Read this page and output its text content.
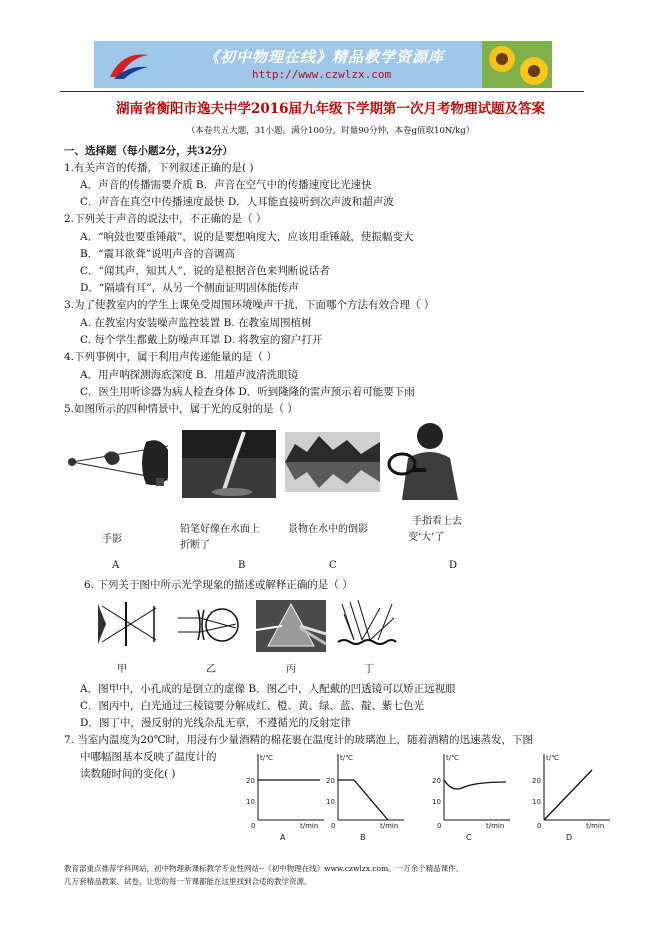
《初中物理在线》精品教学资源库
http://www.czwlzx.com
湖南省衡阳市逸夫中学2016届九年级下学期第一次月考物理试题及答案
（本卷共五大题，31小题，满分100分，时量90分钟，本卷g值取10N/kg）
一、选择题（每小题2分，共32分）
1.有关声音的传播，下列叙述正确的是( )
A．声音的传播需要介质 B．声音在空气中的传播速度比光速快
C．声音在真空中传播速度最快 D．人耳能直接听到次声波和超声波
2.下列关于声音的说法中，不正确的是（ ）
A．“响鼓也要重锤敲”，说的是要想响度大，应该用重锤敲，使振幅变大
B．“震耳欲聋”说明声音的音调高
C．“闻其声，知其人”，说的是根据音色来判断说话者
D．“隔墙有耳”，从另一个侧面证明固体能传声
3.为了使教室内的学生上课免受周围环境噪声干扰，下面哪个方法有效合理（ ）
A. 在教室内安装噪声监控装置 B. 在教室周围植树
C. 每个学生都戴上防噪声耳罩 D. 将教室的窗户打开
4.下列事例中，属于利用声传递能量的是（ ）
A．用声呐探测海底深度 B．用超声波清洗眼镜
C．医生用听诊器为病人检查身体 D．听到隆隆的雷声预示着可能要下雨
5.如图所示的四种情景中，属于光的反射的是（ ）
手影
铅笔好像在水面上
折断了
景物在水中的倒影
手指看上去
变‘大’了
A	B	C	D
6. 下列关于图中所示光学现象的描述或解释正确的是（ ）
甲	乙	丙	丁
A．图甲中，小孔成的是倒立的虚像 B．图乙中，人配戴的凹透镜可以矫正远视眼
C．图丙中，白光通过三棱镜要分解成红、橙、黄、绿、蓝、靛、紫七色光
D．图丁中，漫反射的光线杂乱无章，不遵循光的反射定律
7. 当室内温度为20℃时，用浸有少量酒精的棉花裹在温度计的玻璃泡上，随着酒精的迅速蒸发，下图
中哪幅图基本反映了温度计的
读数随时间的变化( )
t/℃
t/min
20
10
0
A
t/℃
t/min
20
10
0
B
t/℃
t/min
20
10
0
C
t/℃
t/min
20
10
0
D
教育部重点推荐学科网站，初中物理新课标教学专业性网站--《初中物理在线》www.czwlzx.com。一万余个精品课件、
几万套精品教案、试卷，让您的每一节课都能在这里找到合适的教学资源。
